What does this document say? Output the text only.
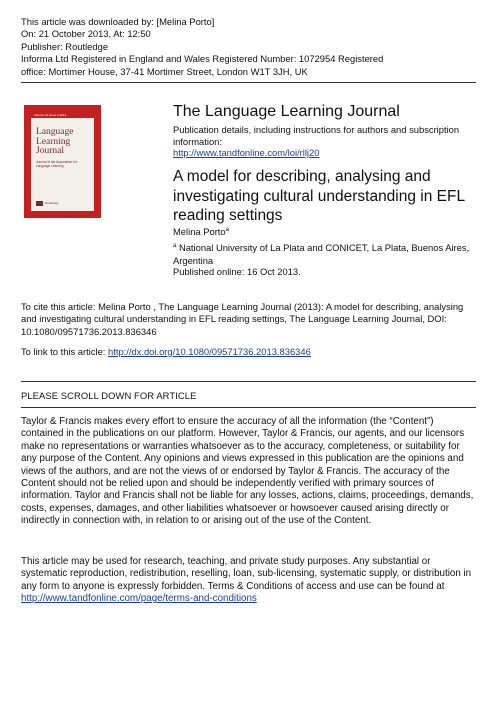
This article was downloaded by: [Melina Porto]
On: 21 October 2013, At: 12:50
Publisher: Routledge
Informa Ltd Registered in England and Wales Registered Number: 1072954 Registered
office: Mortimer House, 37-41 Mortimer Street, London W1T 3JH, UK
Volume 41 Issue 3 2013
Language Learning Journal
Journal of the Association for Language Learning
Routledge
The Language Learning Journal
Publication details, including instructions for authors and subscription information:
http://www.tandfonline.com/loi/rllj20
A model for describing, analysing and investigating cultural understanding in EFL reading settings
Melina Porto$^a$
$^a$ National University of La Plata and CONICET, La Plata, Buenos Aires, Argentina
Published online: 16 Oct 2013.
To cite this article: Melina Porto , The Language Learning Journal (2013): A model for describing, analysing and investigating cultural understanding in EFL reading settings, The Language Learning Journal, DOI: 10.1080/09571736.2013.836346
To link to this article: http://dx.doi.org/10.1080/09571736.2013.836346
PLEASE SCROLL DOWN FOR ARTICLE
Taylor & Francis makes every effort to ensure the accuracy of all the information (the “Content”) contained in the publications on our platform. However, Taylor & Francis, our agents, and our licensors make no representations or warranties whatsoever as to the accuracy, completeness, or suitability for any purpose of the Content. Any opinions and views expressed in this publication are the opinions and views of the authors, and are not the views of or endorsed by Taylor & Francis. The accuracy of the Content should not be relied upon and should be independently verified with primary sources of information. Taylor and Francis shall not be liable for any losses, actions, claims, proceedings, demands, costs, expenses, damages, and other liabilities whatsoever or howsoever caused arising directly or indirectly in connection with, in relation to or arising out of the use of the Content.
This article may be used for research, teaching, and private study purposes. Any substantial or systematic reproduction, redistribution, reselling, loan, sub-licensing, systematic supply, or distribution in any form to anyone is expressly forbidden. Terms & Conditions of access and use can be found at http://www.tandfonline.com/page/terms-and-conditions
